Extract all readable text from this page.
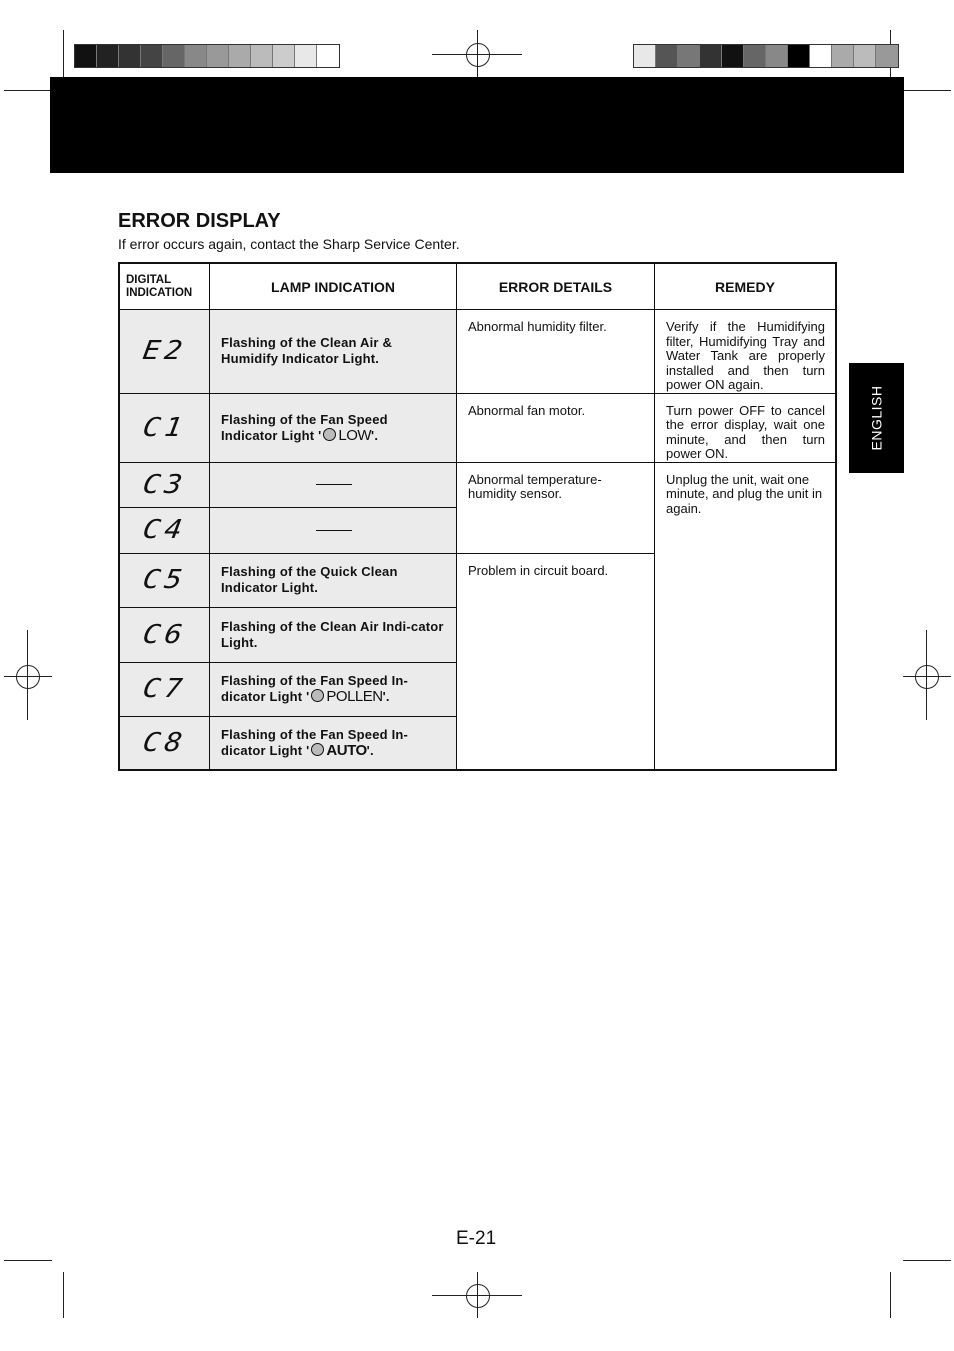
ENGLISH
ERROR DISPLAY
If error occurs again, contact the Sharp Service Center.
DIGITAL
INDICATION	LAMP INDICATION	ERROR DETAILS	REMEDY
E2	Flashing of the Clean Air & Humidify Indicator Light.	Abnormal humidity filter.	Verify if the Humidifying filter, Humidifying Tray and Water Tank are properly installed and then turn power ON again.
C1	Flashing of the Fan Speed Indicator Light ' LOW'.	Abnormal fan motor.	Turn power OFF to cancel the error display, wait one minute, and then turn power ON.
C3		Abnormal temperature-humidity sensor.	Unplug the unit, wait one minute, and plug the unit in again.
C4			

C5	Flashing of the Quick Clean Indicator Light.	Problem in circuit board.	
C6	Flashing of the Clean Air Indi-cator Light.		
C7	Flashing of the Fan Speed In-dicator Light ' POLLEN'.		
C8	Flashing of the Fan Speed In-dicator Light ' AUTO'.		
E-21
